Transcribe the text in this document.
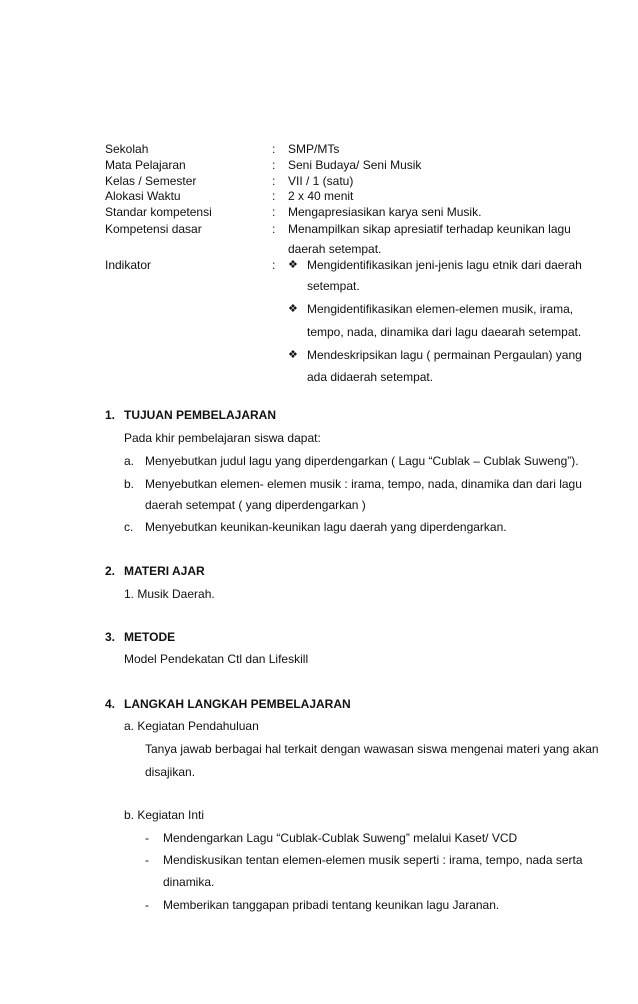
Sekolah	: SMP/MTs
Mata Pelajaran	: Seni Budaya/ Seni Musik
Kelas / Semester	: VII / 1 (satu)
Alokasi Waktu	: 2 x 40 menit
Standar kompetensi	: Mengapresiasikan karya seni Musik.
Kompetensi dasar	: Menampilkan sikap apresiatif terhadap keunikan lagu
daerah setempat.
Indikator	: ❖ Mengidentifikasikan jeni-jenis lagu etnik dari daerah
setempat.
❖ Mengidentifikasikan elemen-elemen musik, irama,
tempo, nada, dinamika dari lagu daearah setempat.
❖ Mendeskripsikan lagu ( permainan Pergaulan) yang
ada didaerah setempat.
1. TUJUAN PEMBELAJARAN
Pada khir pembelajaran siswa dapat:
a. Menyebutkan judul lagu yang diperdengarkan ( Lagu “Cublak – Cublak Suweng”).
b. Menyebutkan elemen- elemen musik : irama, tempo, nada, dinamika dan dari lagu
daerah setempat ( yang diperdengarkan )
c. Menyebutkan keunikan-keunikan lagu daerah yang diperdengarkan.
2. MATERI AJAR
1. Musik Daerah.
3. METODE
Model Pendekatan Ctl dan Lifeskill
4. LANGKAH LANGKAH PEMBELAJARAN
a. Kegiatan Pendahuluan
Tanya jawab berbagai hal terkait dengan wawasan siswa mengenai materi yang akan
disajikan.
b. Kegiatan Inti
- Mendengarkan Lagu “Cublak-Cublak Suweng” melalui Kaset/ VCD
- Mendiskusikan tentan elemen-elemen musik seperti : irama, tempo, nada serta
dinamika.
- Memberikan tanggapan pribadi tentang keunikan lagu Jaranan.
